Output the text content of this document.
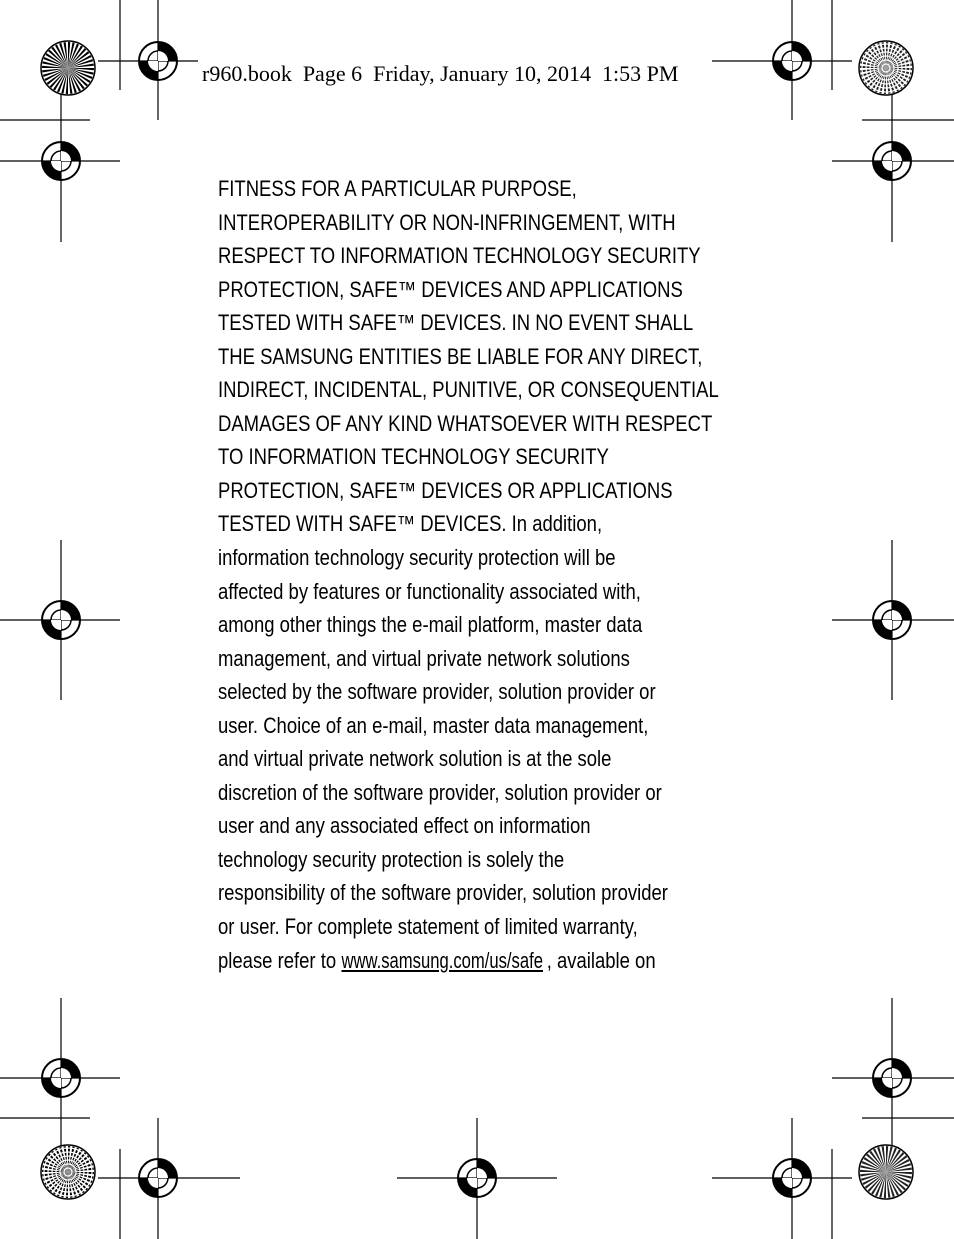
r960.book  Page 6  Friday, January 10, 2014  1:53 PM
FITNESS FOR A PARTICULAR PURPOSE,
INTEROPERABILITY OR NON-INFRINGEMENT, WITH
RESPECT TO INFORMATION TECHNOLOGY SECURITY
PROTECTION, SAFE™ DEVICES AND APPLICATIONS
TESTED WITH SAFE™ DEVICES. IN NO EVENT SHALL
THE SAMSUNG ENTITIES BE LIABLE FOR ANY DIRECT,
INDIRECT, INCIDENTAL, PUNITIVE, OR CONSEQUENTIAL
DAMAGES OF ANY KIND WHATSOEVER WITH RESPECT
TO INFORMATION TECHNOLOGY SECURITY
PROTECTION, SAFE™ DEVICES OR APPLICATIONS
TESTED WITH SAFE™ DEVICES. In addition,
information technology security protection will be
affected by features or functionality associated with,
among other things the e-mail platform, master data
management, and virtual private network solutions
selected by the software provider, solution provider or
user. Choice of an e-mail, master data management,
and virtual private network solution is at the sole
discretion of the software provider, solution provider or
user and any associated effect on information
technology security protection is solely the
responsibility of the software provider, solution provider
or user. For complete statement of limited warranty,
please refer to www.samsung.com/us/safe , available on
